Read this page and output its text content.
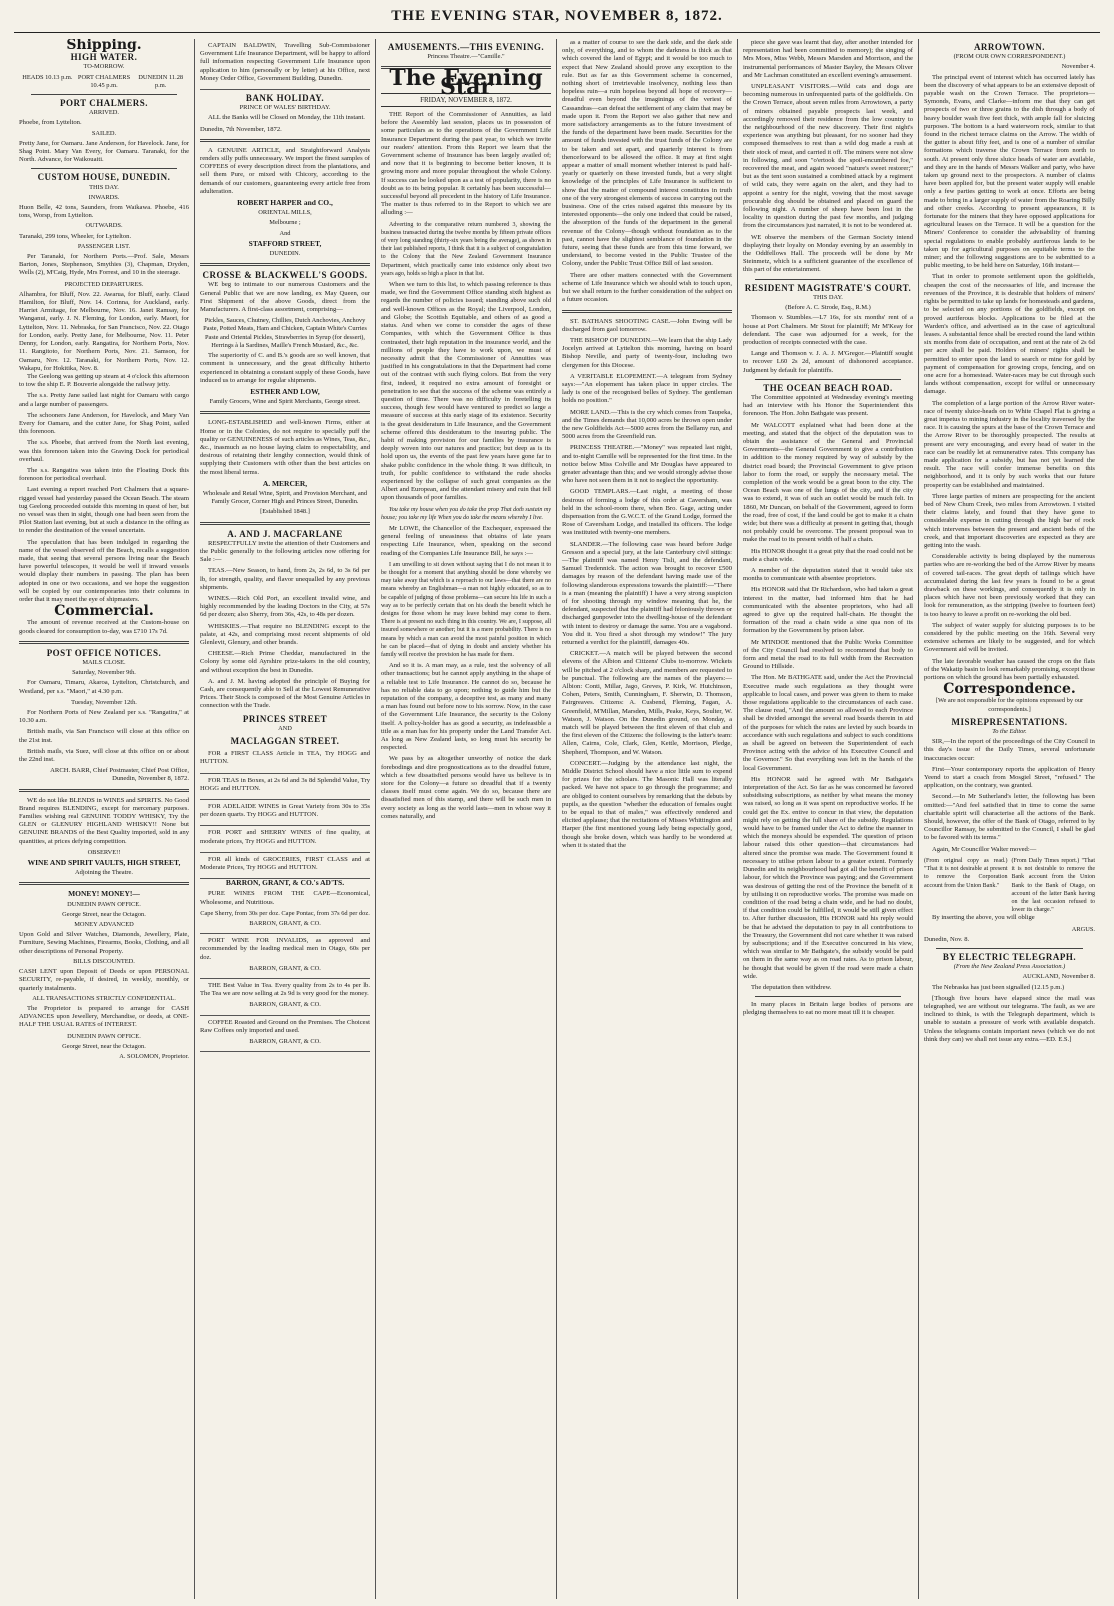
THE EVENING STAR, NOVEMBER 8, 1872.
Shipping.
HIGH WATER.
TO-MORROW.
HEADS 10.13 p.m. PORT CHALMERS 10.45 p.m.
DUNEDIN 11.28 p.m.
PORT CHALMERS.
ARRIVED.

Phoebe, from Lyttelton.

SAILED.

Pretty Jane, for Oamaru. Jane Anderson, for Havelock. Jane, for Shag Point. Mary Van Every, for Oamaru. Taranaki, for the North. Advance, for Waikouaiti.

CUSTOM HOUSE, DUNEDIN.
THIS DAY.
INWARDS.

Huon Belle, 42 tons, Saunders, from Waikawa. Phoebe, 416 tons, Worsp, from Lyttelton.

OUTWARDS.

Taranaki, 299 tons, Wheeler, for Lyttelton.

PASSENGER LIST.

Per Taranaki, for Northern Ports.—Prof. Sale, Messrs Barton, Jones, Stephenson, Smythies (3), Chapman, Dryden, Wells (2), M'Caig, Hyde, Mrs Forrest, and 10 in the steerage.

PROJECTED DEPARTURES.

Alhambra, for Bluff, Nov. 22. Awarua, for Bluff, early. Claud Hamilton, for Bluff, Nov. 14. Corinna, for Auckland, early. Harriet Armitage, for Melbourne, Nov. 16. Janet Ramsay, for Wanganui, early. J. N. Fleming, for London, early. Maori, for Lyttelton, Nov. 11. Nebraska, for San Francisco, Nov. 22. Otago for London, early. Pretty Jane, for Melbourne, Nov. 11. Peter Denny, for London, early. Rangatira, for Northern Ports, Nov. 11. Rangitoto, for Northern Ports, Nov. 21. Samson, for Oamaru, Nov. 12. Taranaki, for Northern Ports, Nov. 12. Wakapu, for Hokitika, Nov. 8.

The Geelong was getting up steam at 4 o'clock this afternoon to tow the ship E. P. Bouverie alongside the railway jetty.

The s.s. Pretty Jane sailed last night for Oamaru with cargo and a large number of passengers.

The schooners Jane Anderson, for Havelock, and Mary Van Every for Oamaru, and the cutter Jane, for Shag Point, sailed this forenoon.

The s.s. Phoebe, that arrived from the North last evening, was this forenoon taken into the Graving Dock for periodical overhaul.

The s.s. Rangatira was taken into the Floating Dock this forenoon for periodical overhaul.

Last evening a report reached Port Chalmers that a square-rigged vessel had yesterday passed the Ocean Beach. The steam tug Geelong proceeded outside this morning in quest of her, but no vessel was then in sight, though one had been seen from the Pilot Station last evening, but at such a distance in the offing as to render the destination of the vessel uncertain.

The speculation that has been indulged in regarding the name of the vessel observed off the Beach, recalls a suggestion made, that seeing that several persons living near the Beach have powerful telescopes, it would be well if inward vessels would display their numbers in passing. The plan has been adopted in one or two occasions, and we hope the suggestion will be copied by our contemporaries into their columns in order that it may meet the eye of shipmasters.

Commercial.

The amount of revenue received at the Custom-house on goods cleared for consumption to-day, was £710 17s 7d.

POST OFFICE NOTICES.
MAILS CLOSE.
Saturday, November 9th.

For Oamaru, Timaru, Akaroa, Lyttelton, Christchurch, and Westland, per s.s. "Maori," at 4.30 p.m.

Tuesday, November 12th.

For Northern Ports of New Zealand per s.s. "Rangatira," at 10.30 a.m.

British mails, via San Francisco will close at this office on the 21st inst.

British mails, via Suez, will close at this office on or about the 22nd inst.

ARCH. BARR, Chief Postmaster, Chief Post Office, Dunedin, November 8, 1872.

WE do not like BLENDS in WINES and SPIRITS. No Good Brand requires BLENDING, except for mercenary purposes. Families wishing real GENUINE TODDY WHISKY, Try the GLEN or GLENURY HIGHLAND WHISKY!! None but GENUINE BRANDS of the Best Quality imported, sold in any quantities, at prices defying competition.

OBSERVE!!
WINE AND SPIRIT VAULTS, HIGH STREET,
Adjoining the Theatre.
MONEY! MONEY!—
DUNEDIN PAWN OFFICE.
George Street, near the Octagon.
MONEY ADVANCED

Upon Gold and Silver Watches, Diamonds, Jewellery, Plate, Furniture, Sewing Machines, Firearms, Books, Clothing, and all other descriptions of Personal Property.

BILLS DISCOUNTED.

CASH LENT upon Deposit of Deeds or upon PERSONAL SECURITY, re-payable, if desired, in weekly, monthly, or quarterly instalments.

ALL TRANSACTIONS STRICTLY CONFIDENTIAL.

The Proprietor is prepared to arrange for CASH ADVANCES upon Jewellery, Merchandise, or deeds, at ONE-HALF THE USUAL RATES of INTEREST.

DUNEDIN PAWN OFFICE.
George Street, near the Octagon.
A. SOLOMON, Proprietor.

CAPTAIN BALDWIN, Travelling Sub-Commissioner Government Life Insurance Department, will be happy to afford full information respecting Government Life Insurance upon application to him (personally or by letter) at his Office, next Money Order Office, Government Building, Dunedin.

BANK HOLIDAY.
PRINCE OF WALES' BIRTHDAY.

ALL the Banks will be Closed on Monday, the 11th instant.

Dunedin, 7th November, 1872.

A GENUINE ARTICLE, and Straightforward Analysis renders silly puffs unnecessary. We import the finest samples of COFFEES of every description direct from the plantations, and sell them Pure, or mixed with Chicory, according to the demands of our customers, guaranteeing every article free from adulteration.

ROBERT HARPER and CO.,
ORIENTAL MILLS,
Melbourne ;
And
STAFFORD STREET,
DUNEDIN.
CROSSE & BLACKWELL'S GOODS.

WE beg to intimate to our numerous Customers and the General Public that we are now landing, ex May Queen, our First Shipment of the above Goods, direct from the Manufacturers. A first-class assortment, comprising—

Pickles, Sauces, Chutney, Chillies, Dutch Anchovies, Anchovy Paste, Potted Meats, Ham and Chicken, Captain White's Curries Paste and Oriental Pickles, Strawberries in Syrup (for dessert), Herrings à la Sardines, Maille's French Mustard, &c., &c.

The superiority of C. and B.'s goods are so well known, that comment is unnecessary, and the great difficulty hitherto experienced in obtaining a constant supply of these Goods, have induced us to arrange for regular shipments.

ESTHER AND LOW,
Family Grocers, Wine and Spirit Merchants, George street.

LONG-ESTABLISHED and well-known Firms, either at Home or in the Colonies, do not require to specially puff the quality or GENUINENESS of such articles as Wines, Teas, &c., &c., inasmuch as no house laying claim to respectability, and desirous of retaining their lengthy connection, would think of supplying their Customers with other than the best articles on the most liberal terms.

A. MERCER,
Wholesale and Retail Wine, Spirit, and Provision Merchant, and Family Grocer, Corner High and Princes Street, Dunedin.
[Established 1848.]
A. AND J. MACFARLANE

RESPECTFULLY invite the attention of their Customers and the Public generally to the following articles now offering for Sale :—

TEAS.—New Season, to hand, from 2s, 2s 6d, to 3s 6d per lb, for strength, quality, and flavor unequalled by any previous shipments.

WINES.—Rich Old Port, an excellent invalid wine, and highly recommended by the leading Doctors in the City, at 57s 6d per dozen; also Sherry, from 36s, 42s, to 48s per dozen.

WHISKIES.—That require no BLENDING except to the palate, at 42s, and comprising most recent shipments of old Glenlevit, Glenury, and other brands.

CHEESE.—Rich Prime Cheddar, manufactured in the Colony by some old Ayrshire prize-takers in the old country, and without exception the best in Dunedin.

A. and J. M. having adopted the principle of Buying for Cash, are consequently able to Sell at the Lowest Remunerative Prices. Their Stock is composed of the Most Genuine Articles in connection with the Trade.

PRINCES STREET
AND
MACLAGGAN STREET.

FOR a FIRST CLASS Article in TEA, Try HOGG and HUTTON.

FOR TEAS in Boxes, at 2s 6d and 3s 8d Splendid Value, Try HOGG and HUTTON.

FOR ADELAIDE WINES in Great Variety from 30s to 35s per dozen quarts. Try HOGG and HUTTON.

FOR PORT and SHERRY WINES of fine quality, at moderate prices, Try HOGG and HUTTON.

FOR all kinds of GROCERIES, FIRST CLASS and at Moderate Prices, Try HOGG and HUTTON.

BARRON, GRANT, & CO.'s AD'TS.

PURE WINES FROM THE CAPE—Economical, Wholesome, and Nutritious.

Cape Sherry, from 30s per doz. Cape Pontac, from 37s 6d per doz.
BARRON, GRANT, & CO.

PORT WINE FOR INVALIDS, as approved and recommended by the leading medical men in Otago, 60s per doz.

BARRON, GRANT, & CO.

THE Best Value in Tea. Every quality from 2s to 4s per lb. The Tea we are now selling at 2s 9d is very good for the money.

BARRON, GRANT, & CO.

COFFEE Roasted and Ground on the Premises. The Choicest Raw Coffees only imported and used.

BARRON, GRANT, & CO.
AMUSEMENTS.—THIS EVENING.
Princess Theatre.—"Camille."
The Evening Star
FRIDAY, NOVEMBER 8, 1872.

THE Report of the Commissioner of Annuities, as laid before the Assembly last session, places us in possession of some particulars as to the operations of the Government Life Insurance Department during the past year, to which we invite our readers' attention. From this Report we learn that the Government scheme of Insurance has been largely availed of; and now that it is beginning to become better known, it is growing more and more popular throughout the whole Colony. If success can be looked upon as a test of popularity, there is no doubt as to its being popular. It certainly has been successful—successful beyond all precedent in the history of Life Insurance. The matter is thus referred to in the Report to which we are alluding :—

Adverting to the comparative return numbered 3, showing the business transacted during the twelve months by fifteen private offices of very long standing (thirty-six years being the average), as shown in their last published reports, I think that it is a subject of congratulation to the Colony that the New Zealand Government Insurance Department, which practically came into existence only about two years ago, holds so high a place in that list.

When we turn to this list, to which passing reference is thus made, we find the Government Office standing sixth highest as regards the number of policies issued; standing above such old and well-known Offices as the Royal; the Liverpool, London, and Globe; the Scottish Equitable, and others of as good a status. And when we come to consider the ages of these Companies, with which the Government Office is thus contrasted, their high reputation in the insurance world, and the millions of people they have to work upon, we must of necessity admit that the Commissioner of Annuities was justified in his congratulations in that the Department had come out of the contrast with such flying colors. But from the very first, indeed, it required no extra amount of foresight or penetration to see that the success of the scheme was entirely a question of time. There was no difficulty in foretelling its success, though few would have ventured to predict so large a measure of success at this early stage of its existence. Security is the great desideratum in Life Insurance, and the Government scheme offered this desideratum to the insuring public. The habit of making provision for our families by insurance is deeply woven into our natures and practice; but deep as is its hold upon us, the events of the past few years have gone far to shake public confidence in the whole thing. It was difficult, in truth, for public confidence to withstand the rude shocks experienced by the collapse of such great companies as the Albert and European, and the attendant misery and ruin that fell upon thousands of poor families.

You take my house when you do take the prop That doth sustain my house; you take my life When you do take the means whereby I live.

Mr LOWE, the Chancellor of the Exchequer, expressed the general feeling of uneasiness that obtains of late years respecting Life Insurance, when, speaking on the second reading of the Companies Life Insurance Bill, he says :—

I am unwilling to sit down without saying that I do not mean it to be thought for a moment that anything should be done whereby we may take away that which is a reproach to our laws—that there are no means whereby an Englishman—a man not highly educated, so as to be capable of judging of those problems—can secure his life in such a way as to be perfectly certain that on his death the benefit which he designs for those whom he may leave behind may come to them. There is at present no such thing in this country. We are, I suppose, all insured somewhere or another; but it is a mere probability. There is no means by which a man can avoid the most painful position in which he can be placed—that of dying in doubt and anxiety whether his family will receive the provision he has made for them.

And so it is. A man may, as a rule, test the solvency of all other transactions; but he cannot apply anything in the shape of a reliable test to Life Insurance. He cannot do so, because he has no reliable data to go upon; nothing to guide him but the reputation of the company, a deceptive test, as many and many a man has found out before now to his sorrow. Now, in the case of the Government Life Insurance, the security is the Colony itself. A policy-holder has as good a security, as indefeasible a title as a man has for his property under the Land Transfer Act. As long as New Zealand lasts, so long must his security be respected.

We pass by as altogether unworthy of notice the dark forebodings and dire prognostications as to the dreadful future, which a few dissatisfied persons would have us believe is in store for the Colony—a future so dreadful that if a twenty classes itself must come again. We do so, because there are dissatisfied men of this stamp, and there will be such men in every society as long as the world lasts—men in whose way it comes naturally, and

as a matter of course to see the dark side, and the dark side only, of everything, and to whom the darkness is thick as that which covered the land of Egypt; and it would be too much to expect that New Zealand should prove any exception to the rule. But as far as this Government scheme is concerned, nothing short of irretrievable insolvency, nothing less than hopeless ruin—a ruin hopeless beyond all hope of recovery—dreadful even beyond the imaginings of the veriest of Cassandras—can defeat the settlement of any claim that may be made upon it. From the Report we also gather that new and more satisfactory arrangements as to the future investment of the funds of the department have been made. Securities for the amount of funds invested with the trust funds of the Colony are to be taken and set apart, and quarterly interest is from thenceforward to be allowed the office. It may at first sight appear a matter of small moment whether interest is paid half-yearly or quarterly on these invested funds, but a very slight knowledge of the principles of Life Insurance is sufficient to show that the matter of compound interest constitutes in truth one of the very strongest elements of success in carrying out the business. One of the cries raised against this measure by its interested opponents—the only one indeed that could be raised, the absorption of the funds of the department in the general revenue of the Colony—though without foundation as to the past, cannot have the slightest semblance of foundation in the future, seeing that these funds are from this time forward, we understand, to become vested in the Public Trustee of the Colony, under the Public Trust Office Bill of last session.

There are other matters connected with the Government scheme of Life Insurance which we should wish to touch upon, but we shall return to the further consideration of the subject on a future occasion.

ST. BATHANS SHOOTING CASE.—John Ewing will be discharged from gaol tomorrow.

THE BISHOP OF DUNEDIN.—We learn that the ship Lady Jocelyn arrived at Lyttelton this morning, having on board Bishop Neville, and party of twenty-four, including two clergymen for this Diocese.

A VERITABLE ELOPEMENT.—A telegram from Sydney says:—"An elopement has taken place in upper circles. The lady is one of the recognised belles of Sydney. The gentleman holds no position."

MORE LAND.—This is the cry which comes from Taupeka, and the Times demands that 10,000 acres be thrown open under the new Goldfields Act—5000 acres from the Bellamy run, and 5000 acres from the Greenfield run.

PRINCESS THEATRE.—"Money" was repeated last night, and to-night Camille will be represented for the first time. In the notice below Miss Colville and Mr Douglas have appeared to greater advantage than this; and we would strongly advise those who have not seen them in it not to neglect the opportunity.

GOOD TEMPLARS.—Last night, a meeting of those desirous of forming a lodge of this order at Caversham, was held in the school-room there, when Bro. Gage, acting under dispensation from the G.W.C.T. of the Grand Lodge, formed the Rose of Caversham Lodge, and installed its officers. The lodge was instituted with twenty-one members.

SLANDER.—The following case was heard before Judge Gresson and a special jury, at the late Canterbury civil sittings:—The plaintiff was named Henry Tisli, and the defendant, Samuel Tredennick. The action was brought to recover £500 damages by reason of the defendant having made use of the following slanderous expressions towards the plaintiff:—"There is a man (meaning the plaintiff) I have a very strong suspicion of for shooting through my window meaning that he, the defendant, suspected that the plaintiff had feloniously thrown or discharged gunpowder into the dwelling-house of the defendant with intent to destroy or damage the same. You are a vagabond. You did it. You fired a shot through my window!" The jury returned a verdict for the plaintiff, damages 40s.

CRICKET.—A match will be played between the second elevens of the Albion and Citizens' Clubs to-morrow. Wickets will be pitched at 2 o'clock sharp, and members are requested to be punctual. The following are the names of the players:—Albion: Conti, Millar, Jago, Greves, P. Kirk, W. Hutchinson, Cohen, Peters, Smith, Cunningham, F. Sherwin, D. Thomson, Fairgreaves. Citizens: A. Cusbend, Fleming, Fagan, A. Greenfield, M'Millan, Marsden, Mills, Peake, Keys, Soulter, W. Watson, J. Watson. On the Dunedin ground, on Monday, a match will be played between the first eleven of that club and the first eleven of the Citizens: the following is the latter's team: Allen, Cairns, Cole, Clark, Glen, Kettle, Morrison, Pledge, Shepherd, Thompson, and W. Watson.

CONCERT.—Judging by the attendance last night, the Middle District School should have a nice little sum to expend for prizes for the scholars. The Masonic Hall was literally packed. We have not space to go through the programme; and are obliged to content ourselves by remarking that the debuts by pupils, as the question "whether the education of females ought to be equal to that of males," was effectively rendered and elicited applause; that the recitations of Misses Whittington and Harper (the first mentioned young lady being especially good, though she broke down, which was hardly to be wondered at when it is stated that the

piece she gave was learnt that day, after another intended for representation had been committed to memory); the singing of Mrs Moes, Miss Webb, Messrs Marsden and Morrison, and the instrumental performances of Master Bayley, the Messrs Oliver and Mr Lachman constituted an excellent evening's amusement.

UNPLEASANT VISITORS.—Wild cats and dogs are becoming numerous in unfrequented parts of the goldfields. On the Crown Terrace, about seven miles from Arrowtown, a party of miners obtained payable prospects last week, and accordingly removed their residence from the low country to the neighbourhood of the new discovery. Their first night's experience was anything but pleasant, for no sooner had they composed themselves to rest than a wild dog made a rush at their stock of meat, and carried it off. The miners were not slow in following, and soon "o'ertook the spoil-encumbered foe," recovered the meat, and again wooed "nature's sweet restorer;" but as the tent soon sustained a combined attack by a regiment of wild cats, they were again on the alert, and they had to appoint a sentry for the night, vowing that the most savage procurable dog should be obtained and placed on guard the following night. A number of sheep have been lost in the locality in question during the past few months, and judging from the circumstances just narrated, it is not to be wondered at.

WE observe the members of the German Society intend displaying their loyalty on Monday evening by an assembly in the Oddfellows Hall. The proceeds will be done by Mr Steinmetz, which is a sufficient guarantee of the excellence of this part of the entertainment.

RESIDENT MAGISTRATE'S COURT.
THIS DAY.
(Before A. C. Strode, Esq., R.M.)

Thomson v. Stumbles.—L7 16s, for six months' rent of a house at Port Chalmers. Mr Stout for plaintiff; Mr M'Keay for defendant. The case was adjourned for a week, for the production of receipts connected with the case.

Lange and Thomson v. J. A. J. M'Gregor.—Plaintiff sought to recover L60 2s 2d, amount of dishonored acceptance. Judgment by default for plaintiffs.

THE OCEAN BEACH ROAD.

The Committee appointed at Wednesday evening's meeting had an interview with his Honor the Superintendent this forenoon. The Hon. John Bathgate was present.

Mr WALCOTT explained what had been done at the meeting, and stated that the object of the deputation was to obtain the assistance of the General and Provincial Governments—the General Government to give a contribution in addition to the money required by way of subsidy by the district road board; the Provincial Government to give prison labor to form the road, or supply the necessary metal. The completion of the work would be a great boon to the city. The Ocean Beach was one of the lungs of the city, and if the city was to extend, it was of such an outlet would be much felt. In 1860, Mr Duncan, on behalf of the Government, agreed to form the road, free of cost, if the land could be got to make it a chain wide; but there was a difficulty at present in getting that, though not probably could be overcome. The present proposal was to make the road to its present width of half a chain.

His HONOR thought it a great pity that the road could not be made a chain wide.

A member of the deputation stated that it would take six months to communicate with absentee proprietors.

His HONOR said that Dr Richardson, who had taken a great interest in the matter, had informed him that he had communicated with the absentee proprietors, who had all agreed to give up the required half-chain. He thought the formation of the road a chain wide a sine qua non of its formation by the Government by prison labor.

Mr M'INDOE mentioned that the Public Works Committee of the City Council had resolved to recommend that body to form and metal the road to its full width from the Recreation Ground to Hillside.

The Hon. Mr BATHGATE said, under the Act the Provincial Executive made such regulations as they thought were applicable to local cases, and power was given to them to make those regulations applicable to the circumstances of each case. The clause read, "And the amount so allowed to each Province shall be divided amongst the several road boards therein in aid of the purposes for which the rates are levied by such boards in accordance with such regulations and subject to such conditions as shall be agreed on between the Superintendent of each Province acting with the advice of his Executive Council and the Governor." So that everything was left in the hands of the local Government.

His HONOR said he agreed with Mr Bathgate's interpretation of the Act. So far as he was concerned he favored subsidising subscriptions, as neither by what means the money was raised, so long as it was spent on reproductive works. If he could get the Ex. entive to concur in that view, the deputation might rely on getting the full share of the subsidy. Regulations would have to be framed under the Act to define the manner in which the moneys should be expended. The question of prison labour raised this other question—that circumstances had altered since the promise was made. The Government found it necessary to utilise prison labour to a greater extent. Formerly Dunedin and its neighbourhood had got all the benefit of prison labour, for which the Province was paying; and the Government was desirous of getting the rest of the Province the benefit of it by utilising it on reproductive works. The promise was made on condition of the road being a chain wide, and he had no doubt, if that condition could be fulfilled, it would be still given effect to. After further discussion, His HONOR said his reply would be that he advised the deputation to pay in all contributions to the Treasury, the Government did not care whether it was raised by subscriptions; and if the Executive concurred in his view, which was similar to Mr Bathgate's, the subsidy would be paid on them in the same way as on road rates. As to prison labour, he thought that would be given if the road were made a chain wide.

The deputation then withdrew.

In many places in Britain large bodies of persons are pledging themselves to eat no more meat till it is cheaper.

ARROWTOWN.
(FROM OUR OWN CORRESPONDENT.)
November 4.

The principal event of interest which has occurred lately has been the discovery of what appears to be an extensive deposit of payable wash on the Crown Terrace. The proprietors—Symonds, Evans, and Clarke—inform me that they can get prospects of two or three grains to the dish through a body of heavy boulder wash five feet thick, with ample fall for sluicing purposes. The bottom is a hard waterworn rock, similar to that found in the richest terrace claims on the Arrow. The width of the gutter is about fifty feet, and is one of a number of similar formations which traverse the Crown Terrace from north to south. At present only three sluice heads of water are available, and they are in the hands of Messrs Walker and party, who have taken up ground next to the prospectors. A number of claims have been applied for, but the present water supply will enable only a few parties getting to work at once. Efforts are being made to bring in a larger supply of water from the Roaring Billy and other creeks. According to present appearances, it is fortunate for the miners that they have opposed applications for agricultural leases on the Terrace. It will be a question for the Miners' Conference to consider the advisability of framing special regulations to enable probably auriferous lands to be taken up for agricultural purposes on equitable terms to the miner; and the following suggestions are to be submitted to a public meeting, to be held here on Saturday, 16th instant—

That in order to promote settlement upon the goldfields, cheapen the cost of the necessaries of life, and increase the revenues of the Province, it is desirable that holders of miners' rights be permitted to take up lands for homesteads and gardens, to be selected on any portions of the goldfields, except on proved auriferous blocks. Applications to be filed at the Warden's office, and advertised as in the case of agricultural leases. A substantial fence shall be erected round the land within six months from date of occupation, and rent at the rate of 2s 6d per acre shall be paid. Holders of miners' rights shall be permitted to enter upon the land to search or mine for gold by payment of compensation for growing crops, fencing, and on one acre for a homestead. Water-races may be cut through such lands without compensation, except for wilful or unnecessary damage.

The completion of a large portion of the Arrow River water-race of twenty sluice-heads on to White Chapel Flat is giving a great impetus to mining industry in the locality traversed by the race. It is causing the spurs at the base of the Crown Terrace and the Arrow River to be thoroughly prospected. The results at present are very encouraging, and every head of water in the race can be readily let at remunerative rates. This company has made application for a subsidy, but has not yet learned the result. The race will confer immense benefits on this neighborhood, and it is only by such works that our future prosperity can be established and maintained.

Three large parties of miners are prospecting for the ancient bed of New Chum Creek, two miles from Arrowtown. I visited their claims lately, and found that they have gone to considerable expense in cutting through the high bar of rock which intervenes between the present and ancient beds of the creek, and that important discoveries are expected as they are getting into the wash.

Considerable activity is being displayed by the numerous parties who are re-working the bed of the Arrow River by means of covered tail-races. The great depth of tailings which have accumulated during the last few years is found to be a great drawback on these workings, and consequently it is only in places which have not been previously worked that they can look for remuneration, as the stripping (twelve to fourteen feet) is too heavy to leave a profit on re-working the old bed.

The subject of water supply for sluicing purposes is to be considered by the public meeting on the 16th. Several very extensive schemes are likely to be suggested, and for which Government aid will be invited.

The late favorable weather has caused the crops on the flats of the Wakatip basin to look remarkably promising, except those portions on which the ground has been partially exhausted.

Correspondence.
[We are not responsible for the opinions expressed by our correspondents.]
MISREPRESENTATIONS.
To the Editor.

SIR,—In the report of the proceedings of the City Council in this day's issue of the Daily Times, several unfortunate inaccuracies occur:

First—Your contemporary reports the application of Henry Yeend to start a coach from Mosgiel Street, "refused." The application, on the contrary, was granted.

Second.—In Mr Sutherland's letter, the following has been omitted:—"And feel satisfied that in time to come the same charitable spirit will characterise all the actions of the Bank. Should, however, the offer of the Bank of Otago, referred to by Councillor Ramsay, be submitted to the Council, I shall be glad to be favored with its terms."

Again, Mr Councillor Walter moved:—

(From original copy as read.) "That it is not desirable at present to remove the Corporation account from the Union Bank."
(From Daily Times report.) "That it is not desirable to remove the Bank account from the Union Bank to the Bank of Otago, on account of the latter Bank having on the last occasion refused to lower its charge."

By inserting the above, you will oblige

ARGUS.

Dunedin, Nov. 8.

BY ELECTRIC TELEGRAPH.
(From the New Zealand Press Association.)
AUCKLAND, November 8.

The Nebraska has just been signalled (12.15 p.m.)

[Though five hours have elapsed since the mail was telegraphed, we are without our telegrams. The fault, as we are inclined to think, is with the Telegraph department, which is unable to sustain a pressure of work with available despatch. Unless the telegrams contain important news (which we do not think they can) we shall not issue any extra.—ED. E.S.]
